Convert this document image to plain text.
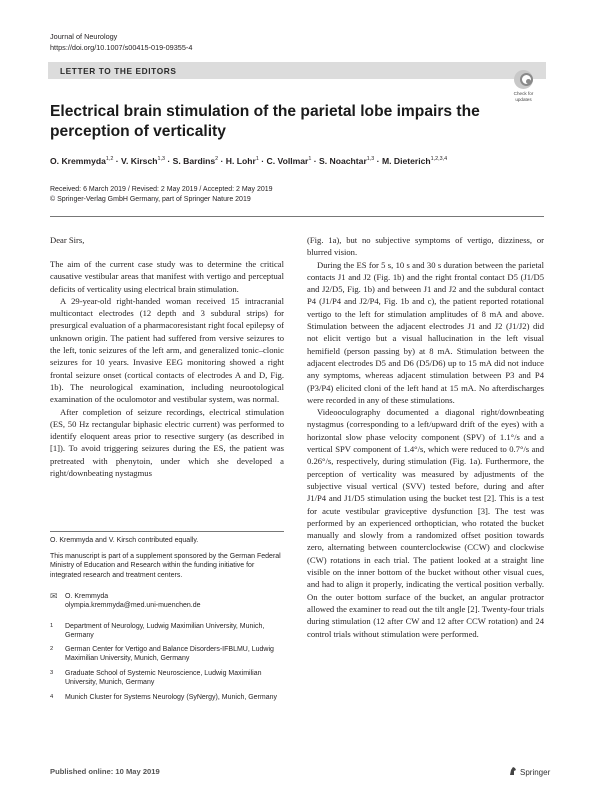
Journal of Neurology
https://doi.org/10.1007/s00415-019-09355-4
LETTER TO THE EDITORS
Check for
updates
Electrical brain stimulation of the parietal lobe impairs the perception of verticality
O. Kremmyda$^{1,2}$ · V. Kirsch$^{1,3}$ · S. Bardins$^2$ · H. Lohr$^1$ · C. Vollmar$^1$ · S. Noachtar$^{1,3}$ · M. Dieterich$^{1,2,3,4}$
Received: 6 March 2019 / Revised: 2 May 2019 / Accepted: 2 May 2019
© Springer-Verlag GmbH Germany, part of Springer Nature 2019

Dear Sirs,

The aim of the current case study was to determine the critical causative vestibular areas that manifest with vertigo and perceptual deficits of verticality using electrical brain stimulation.

A 29-year-old right-handed woman received 15 intracranial multicontact electrodes (12 depth and 3 subdural strips) for presurgical evaluation of a pharmacoresistant right focal epilepsy of unknown origin. The patient had suffered from versive seizures to the left, tonic seizures of the left arm, and generalized tonic–clonic seizures for 10 years. Invasive EEG monitoring showed a right frontal seizure onset (cortical contacts of electrodes A and D, Fig. 1b). The neurological examination, including neurootological examination of the oculomotor and vestibular system, was normal.

After completion of seizure recordings, electrical stimulation (ES, 50 Hz rectangular biphasic electric current) was performed to identify eloquent areas prior to resective surgery (as described in [1]). To avoid triggering seizures during the ES, the patient was pretreated with phenytoin, under which she developed a right/downbeating nystagmus

(Fig. 1a), but no subjective symptoms of vertigo, dizziness, or blurred vision.

During the ES for 5 s, 10 s and 30 s duration between the parietal contacts J1 and J2 (Fig. 1b) and the right frontal contact D5 (J1/D5 and J2/D5, Fig. 1b) and between J1 and J2 and the subdural contact P4 (J1/P4 and J2/P4, Fig. 1b and c), the patient reported rotational vertigo to the left for stimulation amplitudes of 8 mA and above. Stimulation between the adjacent electrodes J1 and J2 (J1/J2) did not elicit vertigo but a visual hallucination in the left visual hemifield (person passing by) at 8 mA. Stimulation between the adjacent electrodes D5 and D6 (D5/D6) up to 15 mA did not induce any symptoms, whereas adjacent stimulation between P3 and P4 (P3/P4) elicited cloni of the left hand at 15 mA. No afterdischarges were recorded in any of these stimulations.

Videooculography documented a diagonal right/downbeating nystagmus (corresponding to a left/upward drift of the eyes) with a horizontal slow phase velocity component (SPV) of 1.1°/s and a vertical SPV component of 1.4°/s, which were reduced to 0.7°/s and 0.26°/s, respectively, during stimulation (Fig. 1a). Furthermore, the perception of verticality was measured by adjustments of the subjective visual vertical (SVV) tested before, during and after J1/P4 and J1/D5 stimulation using the bucket test [2]. This is a test for acute vestibular graviceptive dysfunction [3]. The test was performed by an experienced orthoptician, who rotated the bucket manually and slowly from a randomized offset position towards zero, alternating between counterclockwise (CCW) and clockwise (CW) rotations in each trial. The patient looked at a straight line visible on the inner bottom of the bucket without other visual cues, and had to align it properly, indicating the vertical position verbally. On the outer bottom surface of the bucket, an angular protractor allowed the examiner to read out the tilt angle [2]. Twenty-four trials during stimulation (12 after CW and 12 after CCW rotation) and 24 control trials without stimulation were performed.

O. Kremmyda and V. Kirsch contributed equally.
This manuscript is part of a supplement sponsored by the German Federal Ministry of Education and Research within the funding initiative for integrated research and treatment centers.
✉ O. Kremmyda
olympia.kremmyda@med.uni-muenchen.de
1 Department of Neurology, Ludwig Maximilian University, Munich, Germany
2 German Center for Vertigo and Balance Disorders-IFBLMU, Ludwig Maximilian University, Munich, Germany
3 Graduate School of Systemic Neuroscience, Ludwig Maximilian University, Munich, Germany
4 Munich Cluster for Systems Neurology (SyNergy), Munich, Germany
Published online: 10 May 2019	Springer
